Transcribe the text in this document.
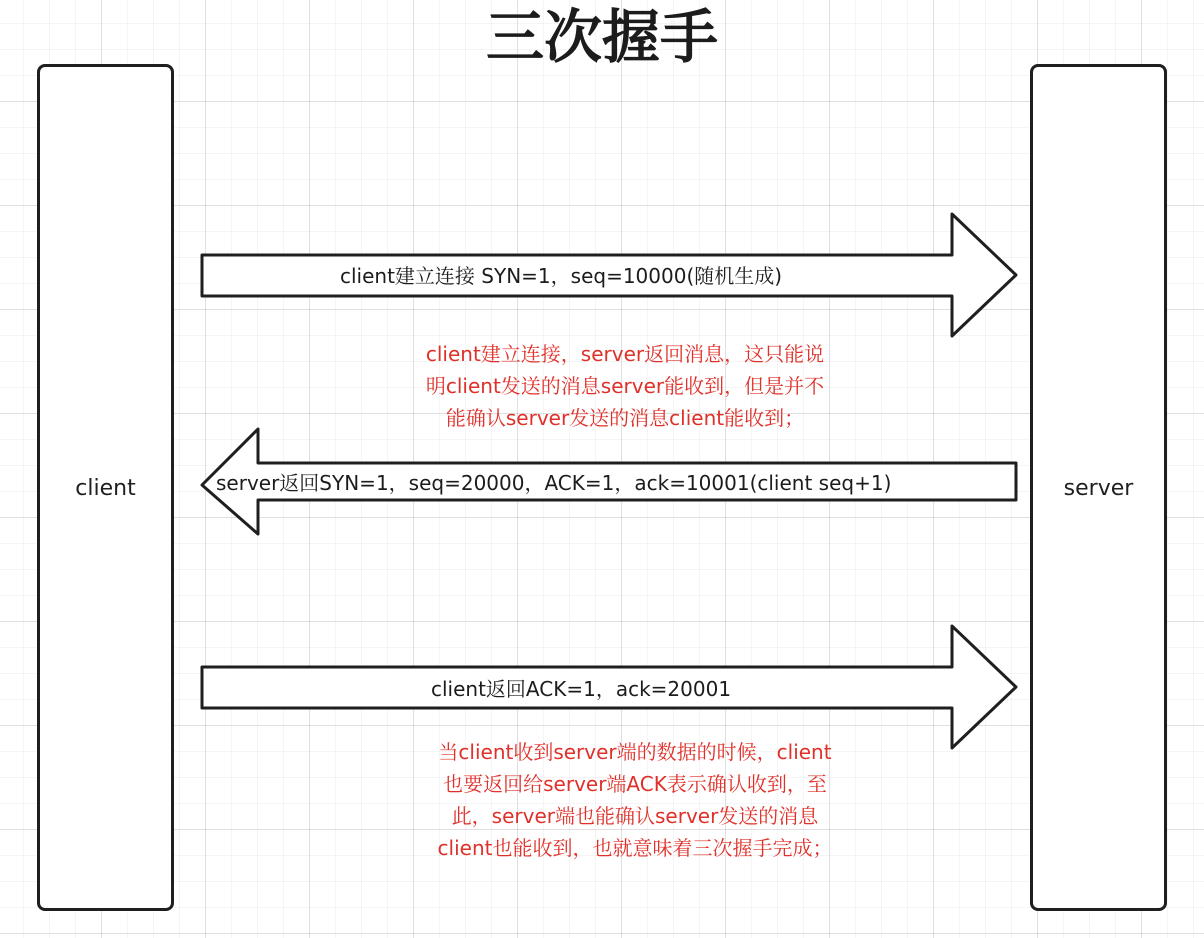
三次握手
client	server
client建立连接 SYN=1，seq=10000(随机生成)
server返回SYN=1，seq=20000，ACK=1，ack=10001(client seq+1)
client返回ACK=1，ack=20001
client建立连接，server返回消息，这只能说
明client发送的消息server能收到，但是并不
能确认server发送的消息client能收到；
当client收到server端的数据的时候，client
也要返回给server端ACK表示确认收到，至
此，server端也能确认server发送的消息
client也能收到，也就意味着三次握手完成；
